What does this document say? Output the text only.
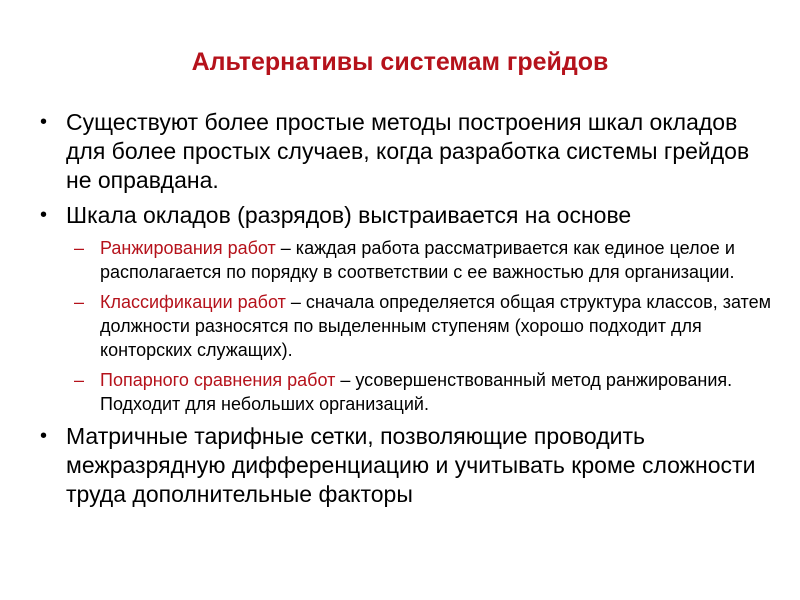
Альтернативы системам грейдов
• Существуют более простые методы построения шкал окладов для более простых случаев, когда разработка системы грейдов не оправдана.
• Шкала окладов (разрядов) выстраивается на основе
– Ранжирования работ – каждая работа рассматривается как единое целое и располагается по порядку в соответствии с ее важностью для организации.
– Классификации работ – сначала определяется общая структура классов, затем должности разносятся по выделенным ступеням (хорошо подходит для конторских служащих).
– Попарного сравнения работ – усовершенствованный метод ранжирования. Подходит для небольших организаций.
• Матричные тарифные сетки, позволяющие проводить межразрядную дифференциацию и учитывать кроме сложности труда дополнительные факторы
